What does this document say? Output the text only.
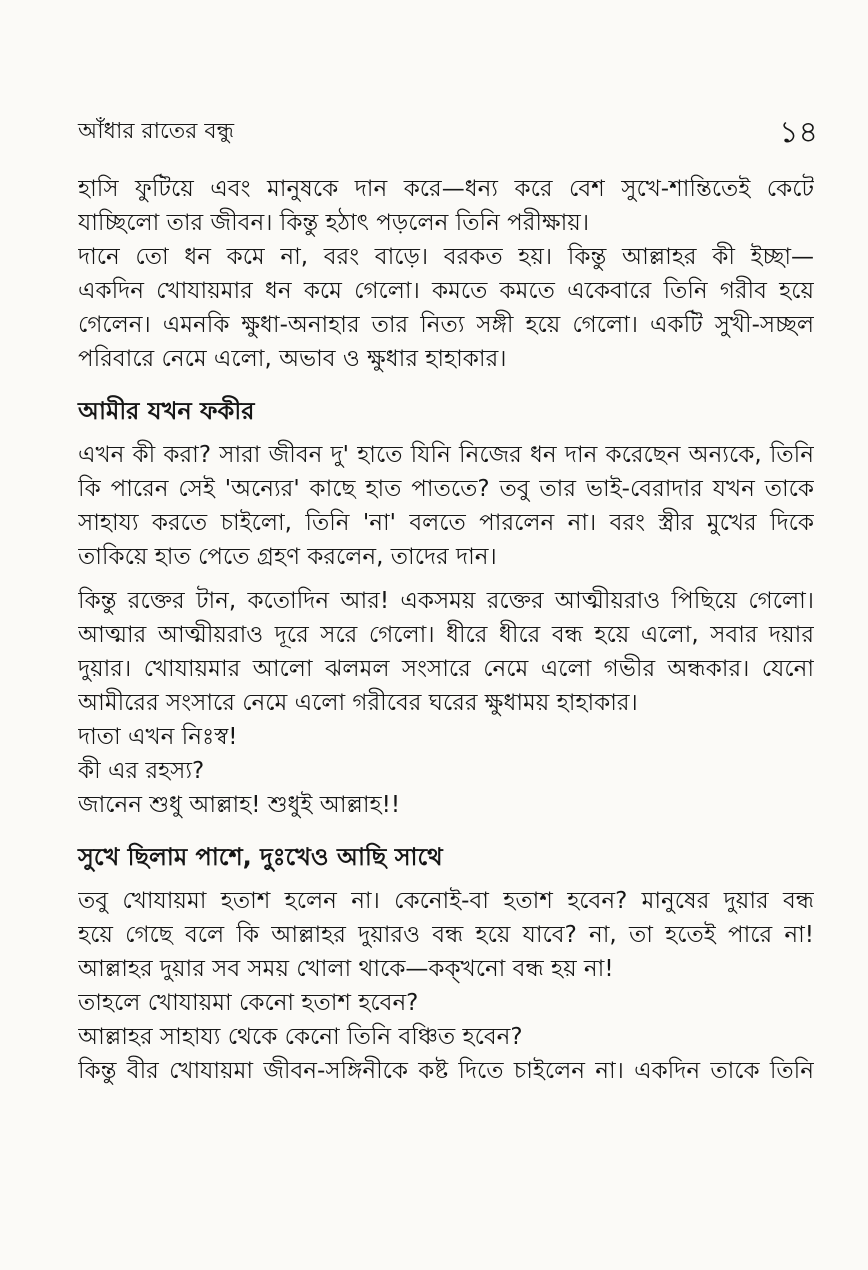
আঁধার রাতের বন্ধু	১৪
হাসি ফুটিয়ে এবং মানুষকে দান করে—ধন্য করে বেশ সুখে-শান্তিতেই কেটে
যাচ্ছিলো তার জীবন। কিন্তু হঠাৎ পড়লেন তিনি পরীক্ষায়।
দানে তো ধন কমে না, বরং বাড়ে। বরকত হয়। কিন্তু আল্লাহর কী ইচ্ছা—
একদিন খোযায়মার ধন কমে গেলো। কমতে কমতে একেবারে তিনি গরীব হয়ে
গেলেন। এমনকি ক্ষুধা-অনাহার তার নিত্য সঙ্গী হয়ে গেলো। একটি সুখী-সচ্ছল
পরিবারে নেমে এলো, অভাব ও ক্ষুধার হাহাকার।
আমীর যখন ফকীর
এখন কী করা? সারা জীবন দু' হাতে যিনি নিজের ধন দান করেছেন অন্যকে, তিনি
কি পারেন সেই 'অন্যের' কাছে হাত পাততে? তবু তার ভাই-বেরাদার যখন তাকে
সাহায্য করতে চাইলো, তিনি 'না' বলতে পারলেন না। বরং স্ত্রীর মুখের দিকে
তাকিয়ে হাত পেতে গ্রহণ করলেন, তাদের দান।
কিন্তু রক্তের টান, কতোদিন আর! একসময় রক্তের আত্মীয়রাও পিছিয়ে গেলো।
আত্মার আত্মীয়রাও দূরে সরে গেলো। ধীরে ধীরে বন্ধ হয়ে এলো, সবার দয়ার
দুয়ার। খোযায়মার আলো ঝলমল সংসারে নেমে এলো গভীর অন্ধকার। যেনো
আমীরের সংসারে নেমে এলো গরীবের ঘরের ক্ষুধাময় হাহাকার।
দাতা এখন নিঃস্ব!
কী এর রহস্য?
জানেন শুধু আল্লাহ! শুধুই আল্লাহ!!
সুখে ছিলাম পাশে, দুঃখেও আছি সাথে
তবু খোযায়মা হতাশ হলেন না। কেনোই-বা হতাশ হবেন? মানুষের দুয়ার বন্ধ
হয়ে গেছে বলে কি আল্লাহর দুয়ারও বন্ধ হয়ে যাবে? না, তা হতেই পারে না!
আল্লাহর দুয়ার সব সময় খোলা থাকে—কক্‌খনো বন্ধ হয় না!
তাহলে খোযায়মা কেনো হতাশ হবেন?
আল্লাহর সাহায্য থেকে কেনো তিনি বঞ্চিত হবেন?
কিন্তু বীর খোযায়মা জীবন-সঙ্গিনীকে কষ্ট দিতে চাইলেন না। একদিন তাকে তিনি
